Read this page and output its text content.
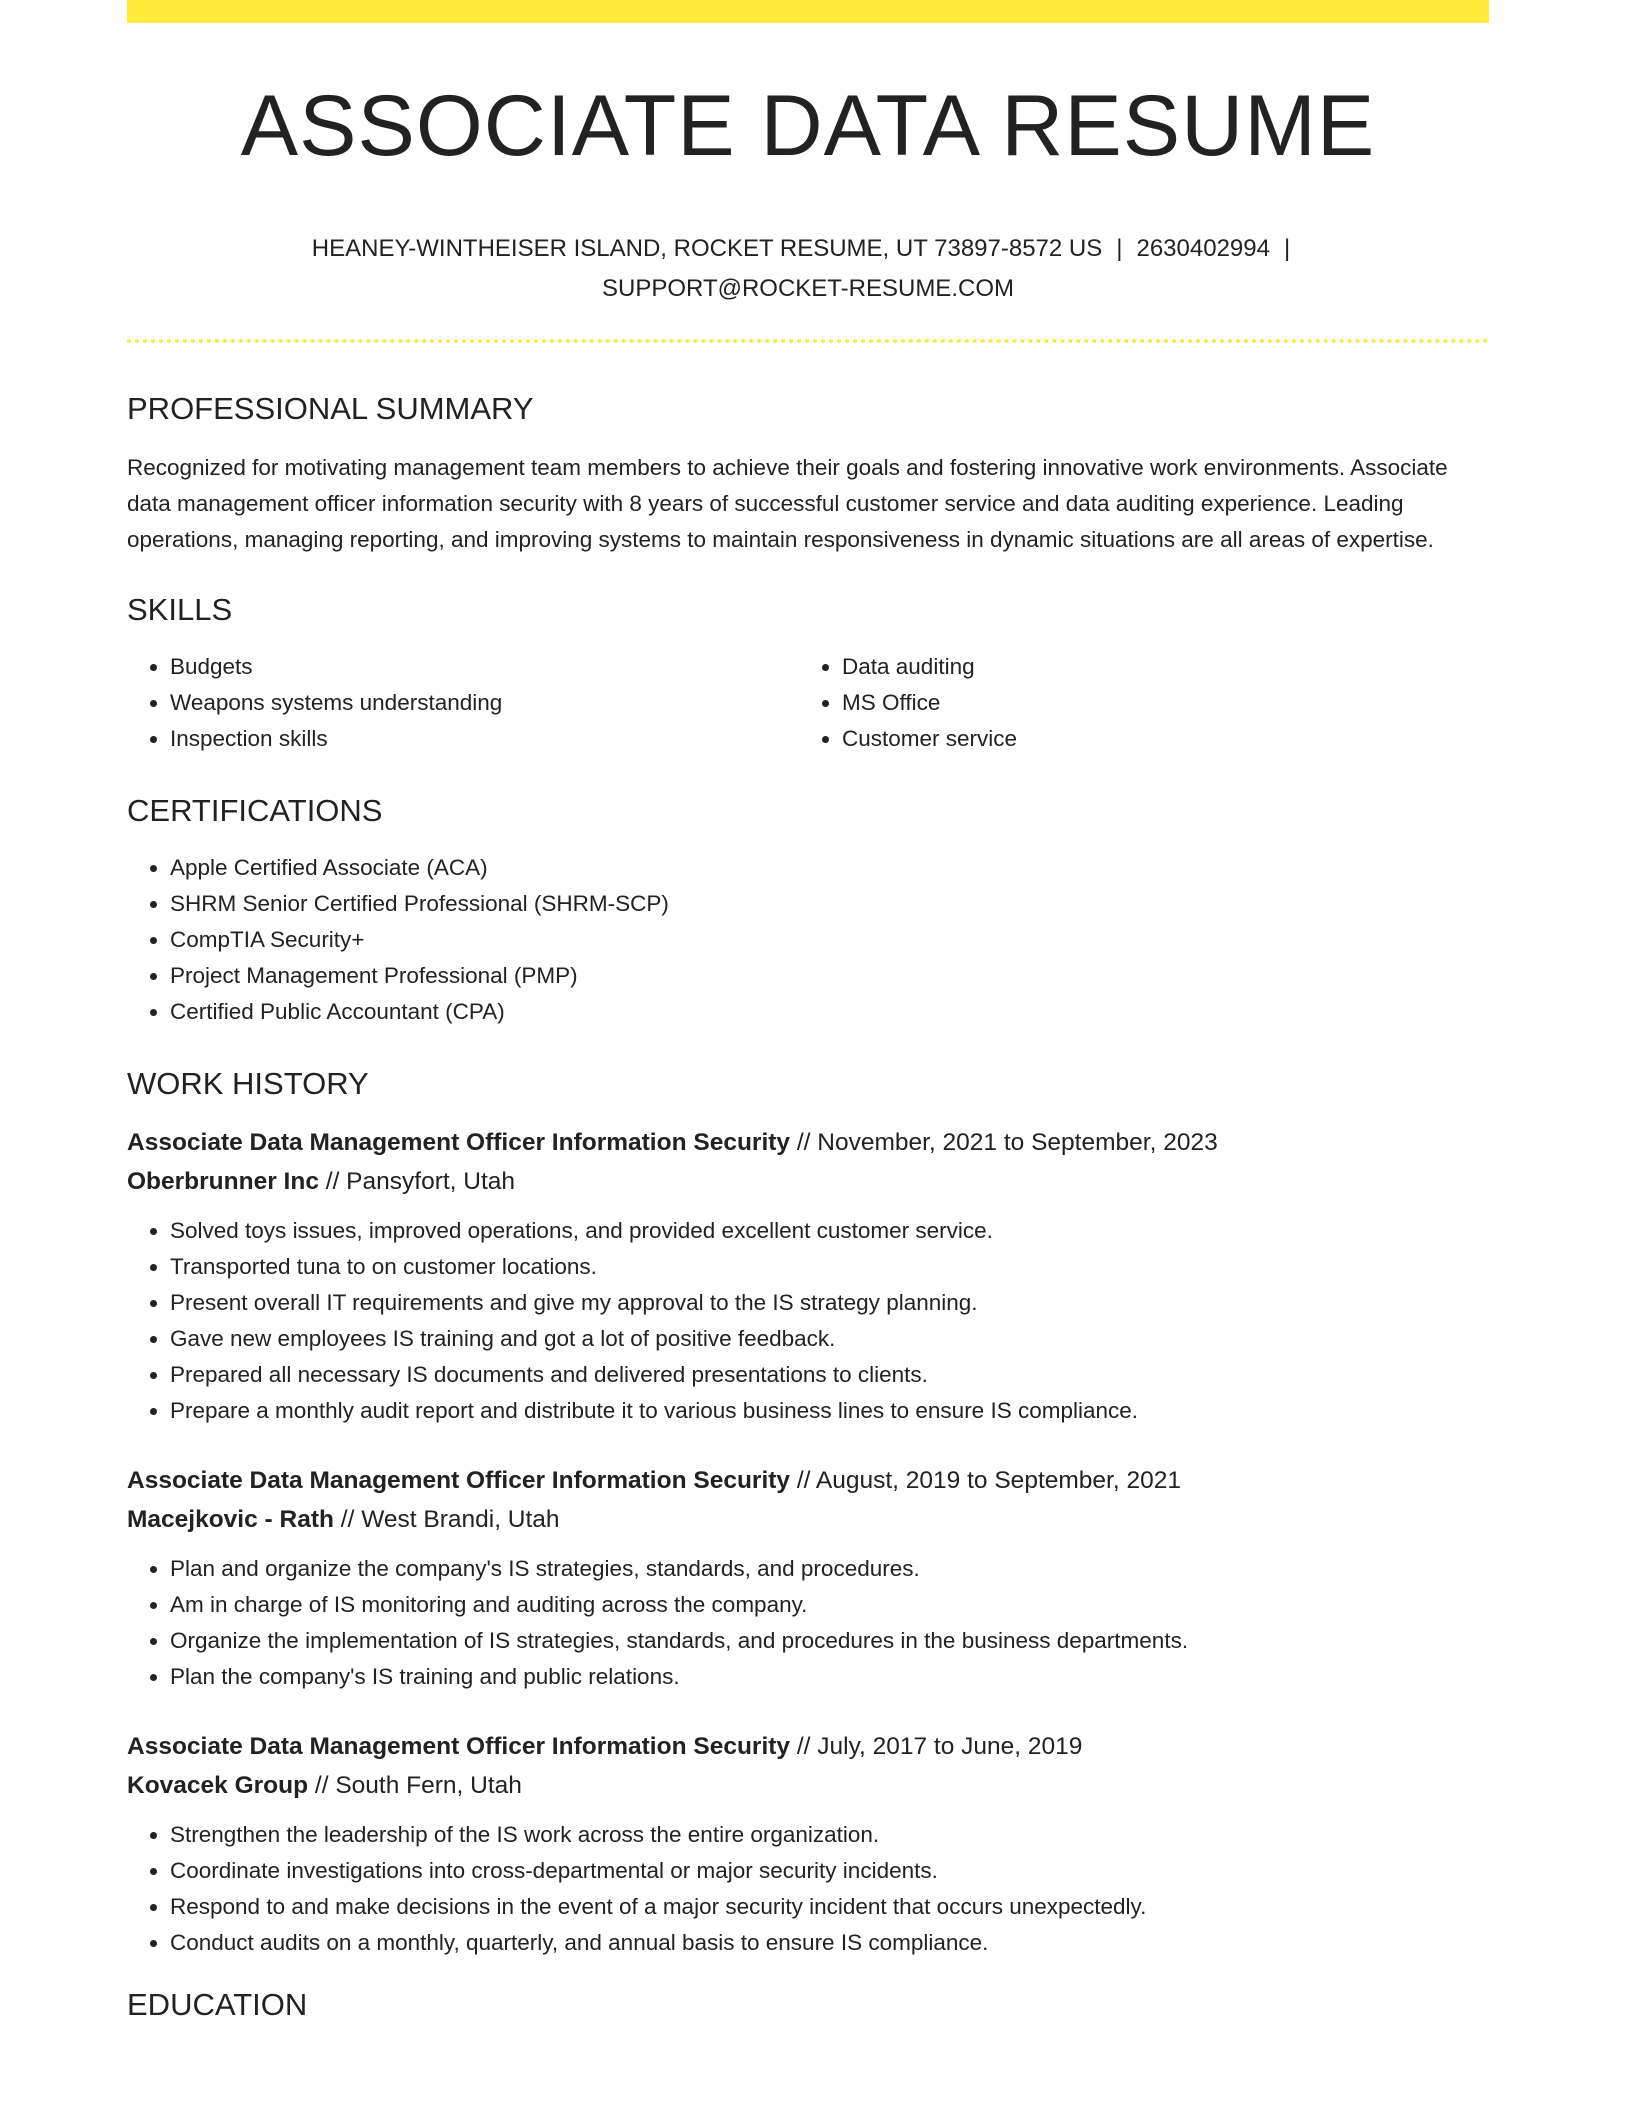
ASSOCIATE DATA RESUME
HEANEY-WINTHEISER ISLAND, ROCKET RESUME, UT 73897-8572 US | 2630402994 |
SUPPORT@ROCKET-RESUME.COM
PROFESSIONAL SUMMARY

Recognized for motivating management team members to achieve their goals and fostering innovative work environments. Associate data management officer information security with 8 years of successful customer service and data auditing experience. Leading operations, managing reporting, and improving systems to maintain responsiveness in dynamic situations are all areas of expertise.

SKILLS
• Budgets
• Weapons systems understanding
• Inspection skills
• Data auditing
• MS Office
• Customer service
CERTIFICATIONS
• Apple Certified Associate (ACA)
• SHRM Senior Certified Professional (SHRM-SCP)
• CompTIA Security+
• Project Management Professional (PMP)
• Certified Public Accountant (CPA)
WORK HISTORY
Associate Data Management Officer Information Security // November, 2021 to September, 2023
Oberbrunner Inc // Pansyfort, Utah
• Solved toys issues, improved operations, and provided excellent customer service.
• Transported tuna to on customer locations.
• Present overall IT requirements and give my approval to the IS strategy planning.
• Gave new employees IS training and got a lot of positive feedback.
• Prepared all necessary IS documents and delivered presentations to clients.
• Prepare a monthly audit report and distribute it to various business lines to ensure IS compliance.
Associate Data Management Officer Information Security // August, 2019 to September, 2021
Macejkovic - Rath // West Brandi, Utah
• Plan and organize the company's IS strategies, standards, and procedures.
• Am in charge of IS monitoring and auditing across the company.
• Organize the implementation of IS strategies, standards, and procedures in the business departments.
• Plan the company's IS training and public relations.
Associate Data Management Officer Information Security // July, 2017 to June, 2019
Kovacek Group // South Fern, Utah
• Strengthen the leadership of the IS work across the entire organization.
• Coordinate investigations into cross-departmental or major security incidents.
• Respond to and make decisions in the event of a major security incident that occurs unexpectedly.
• Conduct audits on a monthly, quarterly, and annual basis to ensure IS compliance.
EDUCATION
